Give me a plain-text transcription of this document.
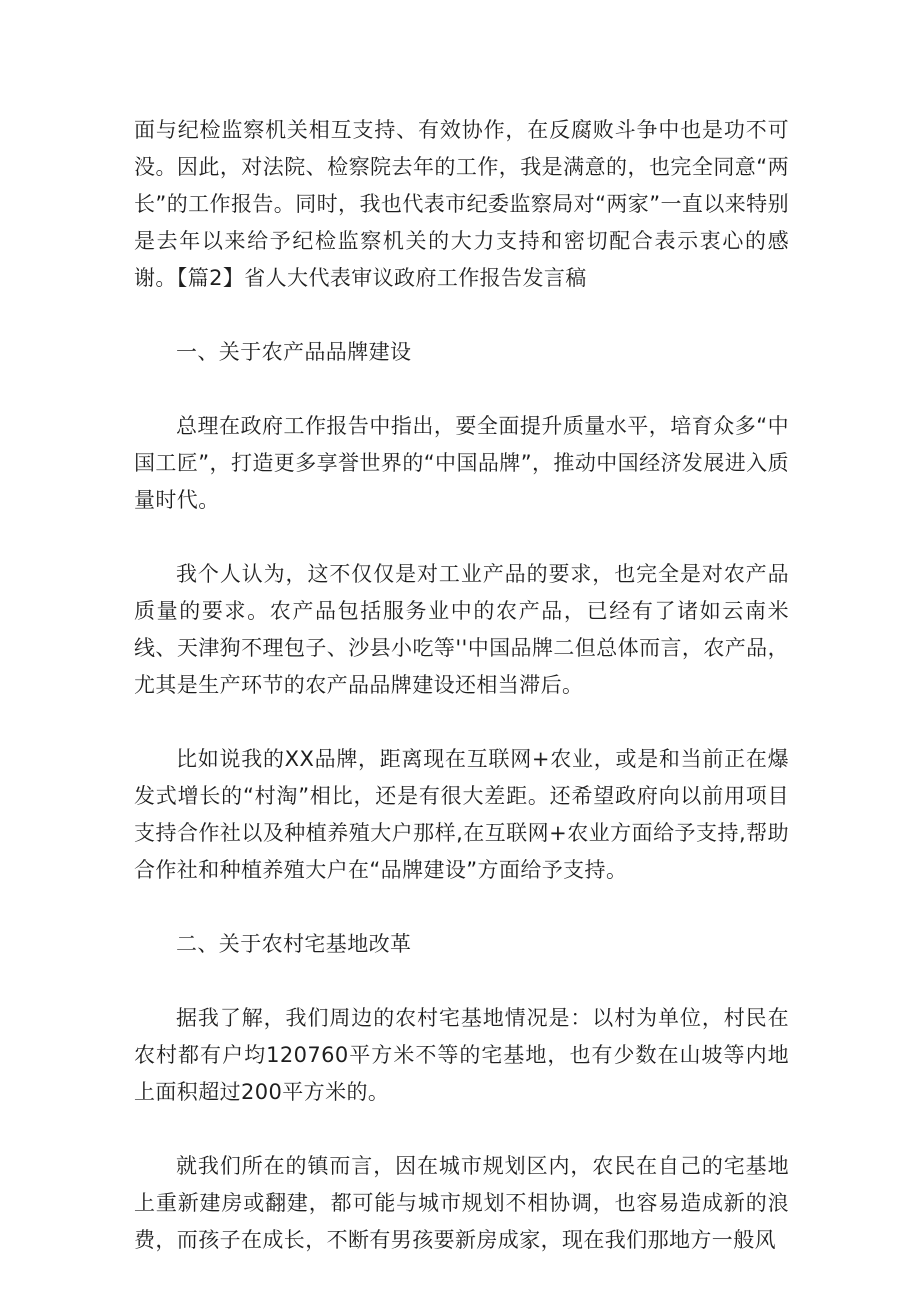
面与纪检监察机关相互支持、有效协作，在反腐败斗争中也是功不可没。因此，对法院、检察院去年的工作，我是满意的，也完全同意“两长”的工作报告。同时，我也代表市纪委监察局对“两家”一直以来特别是去年以来给予纪检监察机关的大力支持和密切配合表示衷心的感谢。【篇2】省人大代表审议政府工作报告发言稿

一、关于农产品品牌建设

总理在政府工作报告中指出，要全面提升质量水平，培育众多“中国工匠”，打造更多享誉世界的“中国品牌”，推动中国经济发展进入质量时代。

我个人认为，这不仅仅是对工业产品的要求，也完全是对农产品质量的要求。农产品包括服务业中的农产品，已经有了诸如云南米线、天津狗不理包子、沙县小吃等''中国品牌二但总体而言，农产品，尤其是生产环节的农产品品牌建设还相当滞后。

比如说我的XX品牌，距离现在互联网+农业，或是和当前正在爆发式增长的“村淘”相比，还是有很大差距。还希望政府向以前用项目支持合作社以及种植养殖大户那样,在互联网+农业方面给予支持,帮助合作社和种植养殖大户在“品牌建设”方面给予支持。

二、关于农村宅基地改革

据我了解，我们周边的农村宅基地情况是：以村为单位，村民在农村都有户均120760平方米不等的宅基地，也有少数在山坡等内地上面积超过200平方米的。

就我们所在的镇而言，因在城市规划区内，农民在自己的宅基地上重新建房或翻建，都可能与城市规划不相协调，也容易造成新的浪费，而孩子在成长，不断有男孩要新房成家，现在我们那地方一般风
